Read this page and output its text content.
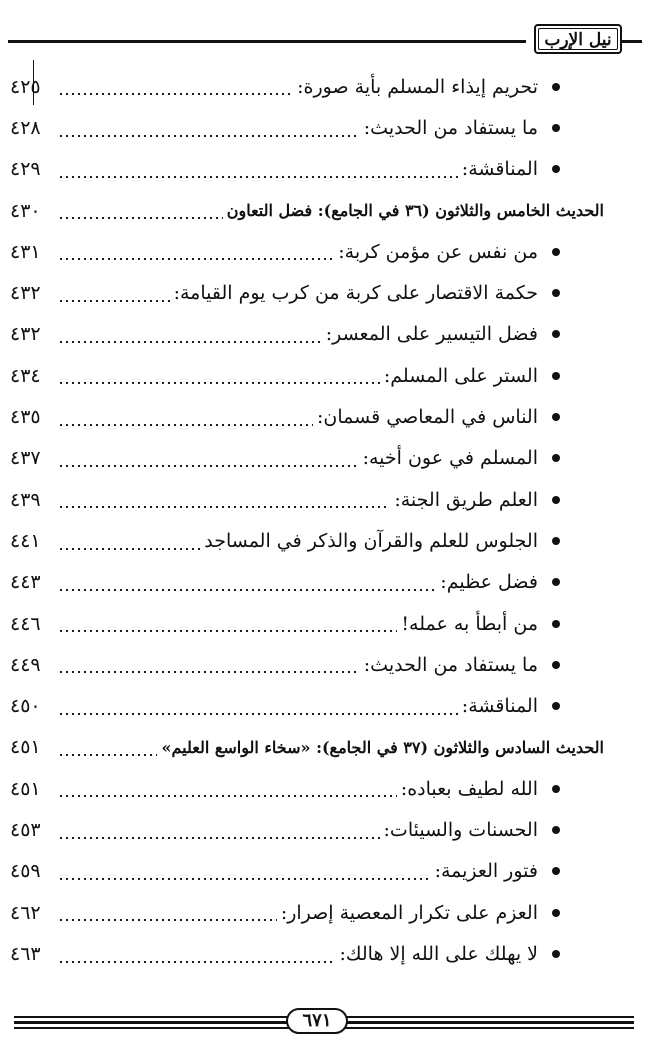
نيل الإرب
تحريم إيذاء المسلم بأية صورة:
٤٢٥
ما يستفاد من الحديث:
٤٢٨
المناقشة:
٤٢٩
الحديث الخامس والثلاثون (٣٦ في الجامع): فضل التعاون
٤٣٠
من نفس عن مؤمن كربة:
٤٣١
حكمة الاقتصار على كربة من كرب يوم القيامة:
٤٣٢
فضل التيسير على المعسر:
٤٣٢
الستر على المسلم:
٤٣٤
الناس في المعاصي قسمان:
٤٣٥
المسلم في عون أخيه:
٤٣٧
العلم طريق الجنة:
٤٣٩
الجلوس للعلم والقرآن والذكر في المساجد
٤٤١
فضل عظيم:
٤٤٣
من أبطأ به عمله!
٤٤٦
ما يستفاد من الحديث:
٤٤٩
المناقشة:
٤٥٠
الحديث السادس والثلاثون (٣٧ في الجامع): «سخاء الواسع العليم»
٤٥١
الله لطيف بعباده:
٤٥١
الحسنات والسيئات:
٤٥٣
فتور العزيمة:
٤٥٩
العزم على تكرار المعصية إصرار:
٤٦٢
لا يهلك على الله إلا هالك:
٤٦٣
٦٧١
